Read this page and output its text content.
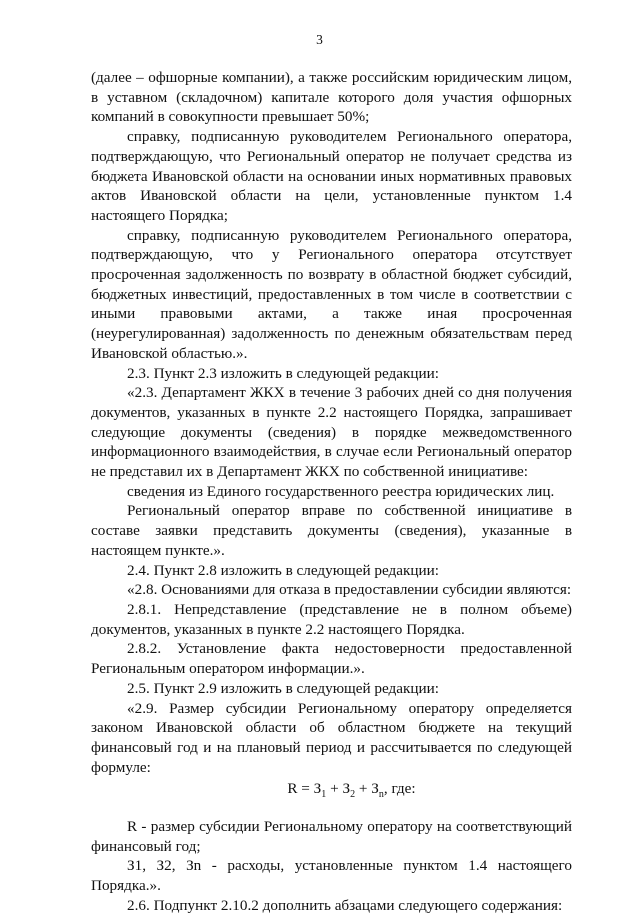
3

(далее – офшорные компании), а также российским юридическим лицом, в уставном (складочном) капитале которого доля участия офшорных компаний в совокупности превышает 50%;

справку, подписанную руководителем Регионального оператора, подтверждающую, что Региональный оператор не получает средства из бюджета Ивановской области на основании иных нормативных правовых актов Ивановской области на цели, установленные пунктом 1.4 настоящего Порядка;

справку, подписанную руководителем Регионального оператора, подтверждающую, что у Регионального оператора отсутствует просроченная задолженность по возврату в областной бюджет субсидий, бюджетных инвестиций, предоставленных в том числе в соответствии с иными правовыми актами, а также иная просроченная (неурегулированная) задолженность по денежным обязательствам перед Ивановской областью.».

2.3. Пункт 2.3 изложить в следующей редакции:

«2.3. Департамент ЖКХ в течение 3 рабочих дней со дня получения документов, указанных в пункте 2.2 настоящего Порядка, запрашивает следующие документы (сведения) в порядке межведомственного информационного взаимодействия, в случае если Региональный оператор не представил их в Департамент ЖКХ по собственной инициативе:

сведения из Единого государственного реестра юридических лиц.

Региональный оператор вправе по собственной инициативе в составе заявки представить документы (сведения), указанные в настоящем пункте.».

2.4. Пункт 2.8 изложить в следующей редакции:

«2.8. Основаниями для отказа в предоставлении субсидии являются:

2.8.1. Непредставление (представление не в полном объеме) документов, указанных в пункте 2.2 настоящего Порядка.

2.8.2. Установление факта недостоверности предоставленной Региональным оператором информации.».

2.5. Пункт 2.9 изложить в следующей редакции:

«2.9. Размер субсидии Региональному оператору определяется законом Ивановской области об областном бюджете на текущий финансовый год и на плановый период и рассчитывается по следующей формуле:

$R = З_1 + З_2 + З_n$, где:

R - размер субсидии Региональному оператору на соответствующий финансовый год;

З1, З2, Зn - расходы, установленные пунктом 1.4 настоящего Порядка.».

2.6. Подпункт 2.10.2 дополнить абзацами следующего содержания:
